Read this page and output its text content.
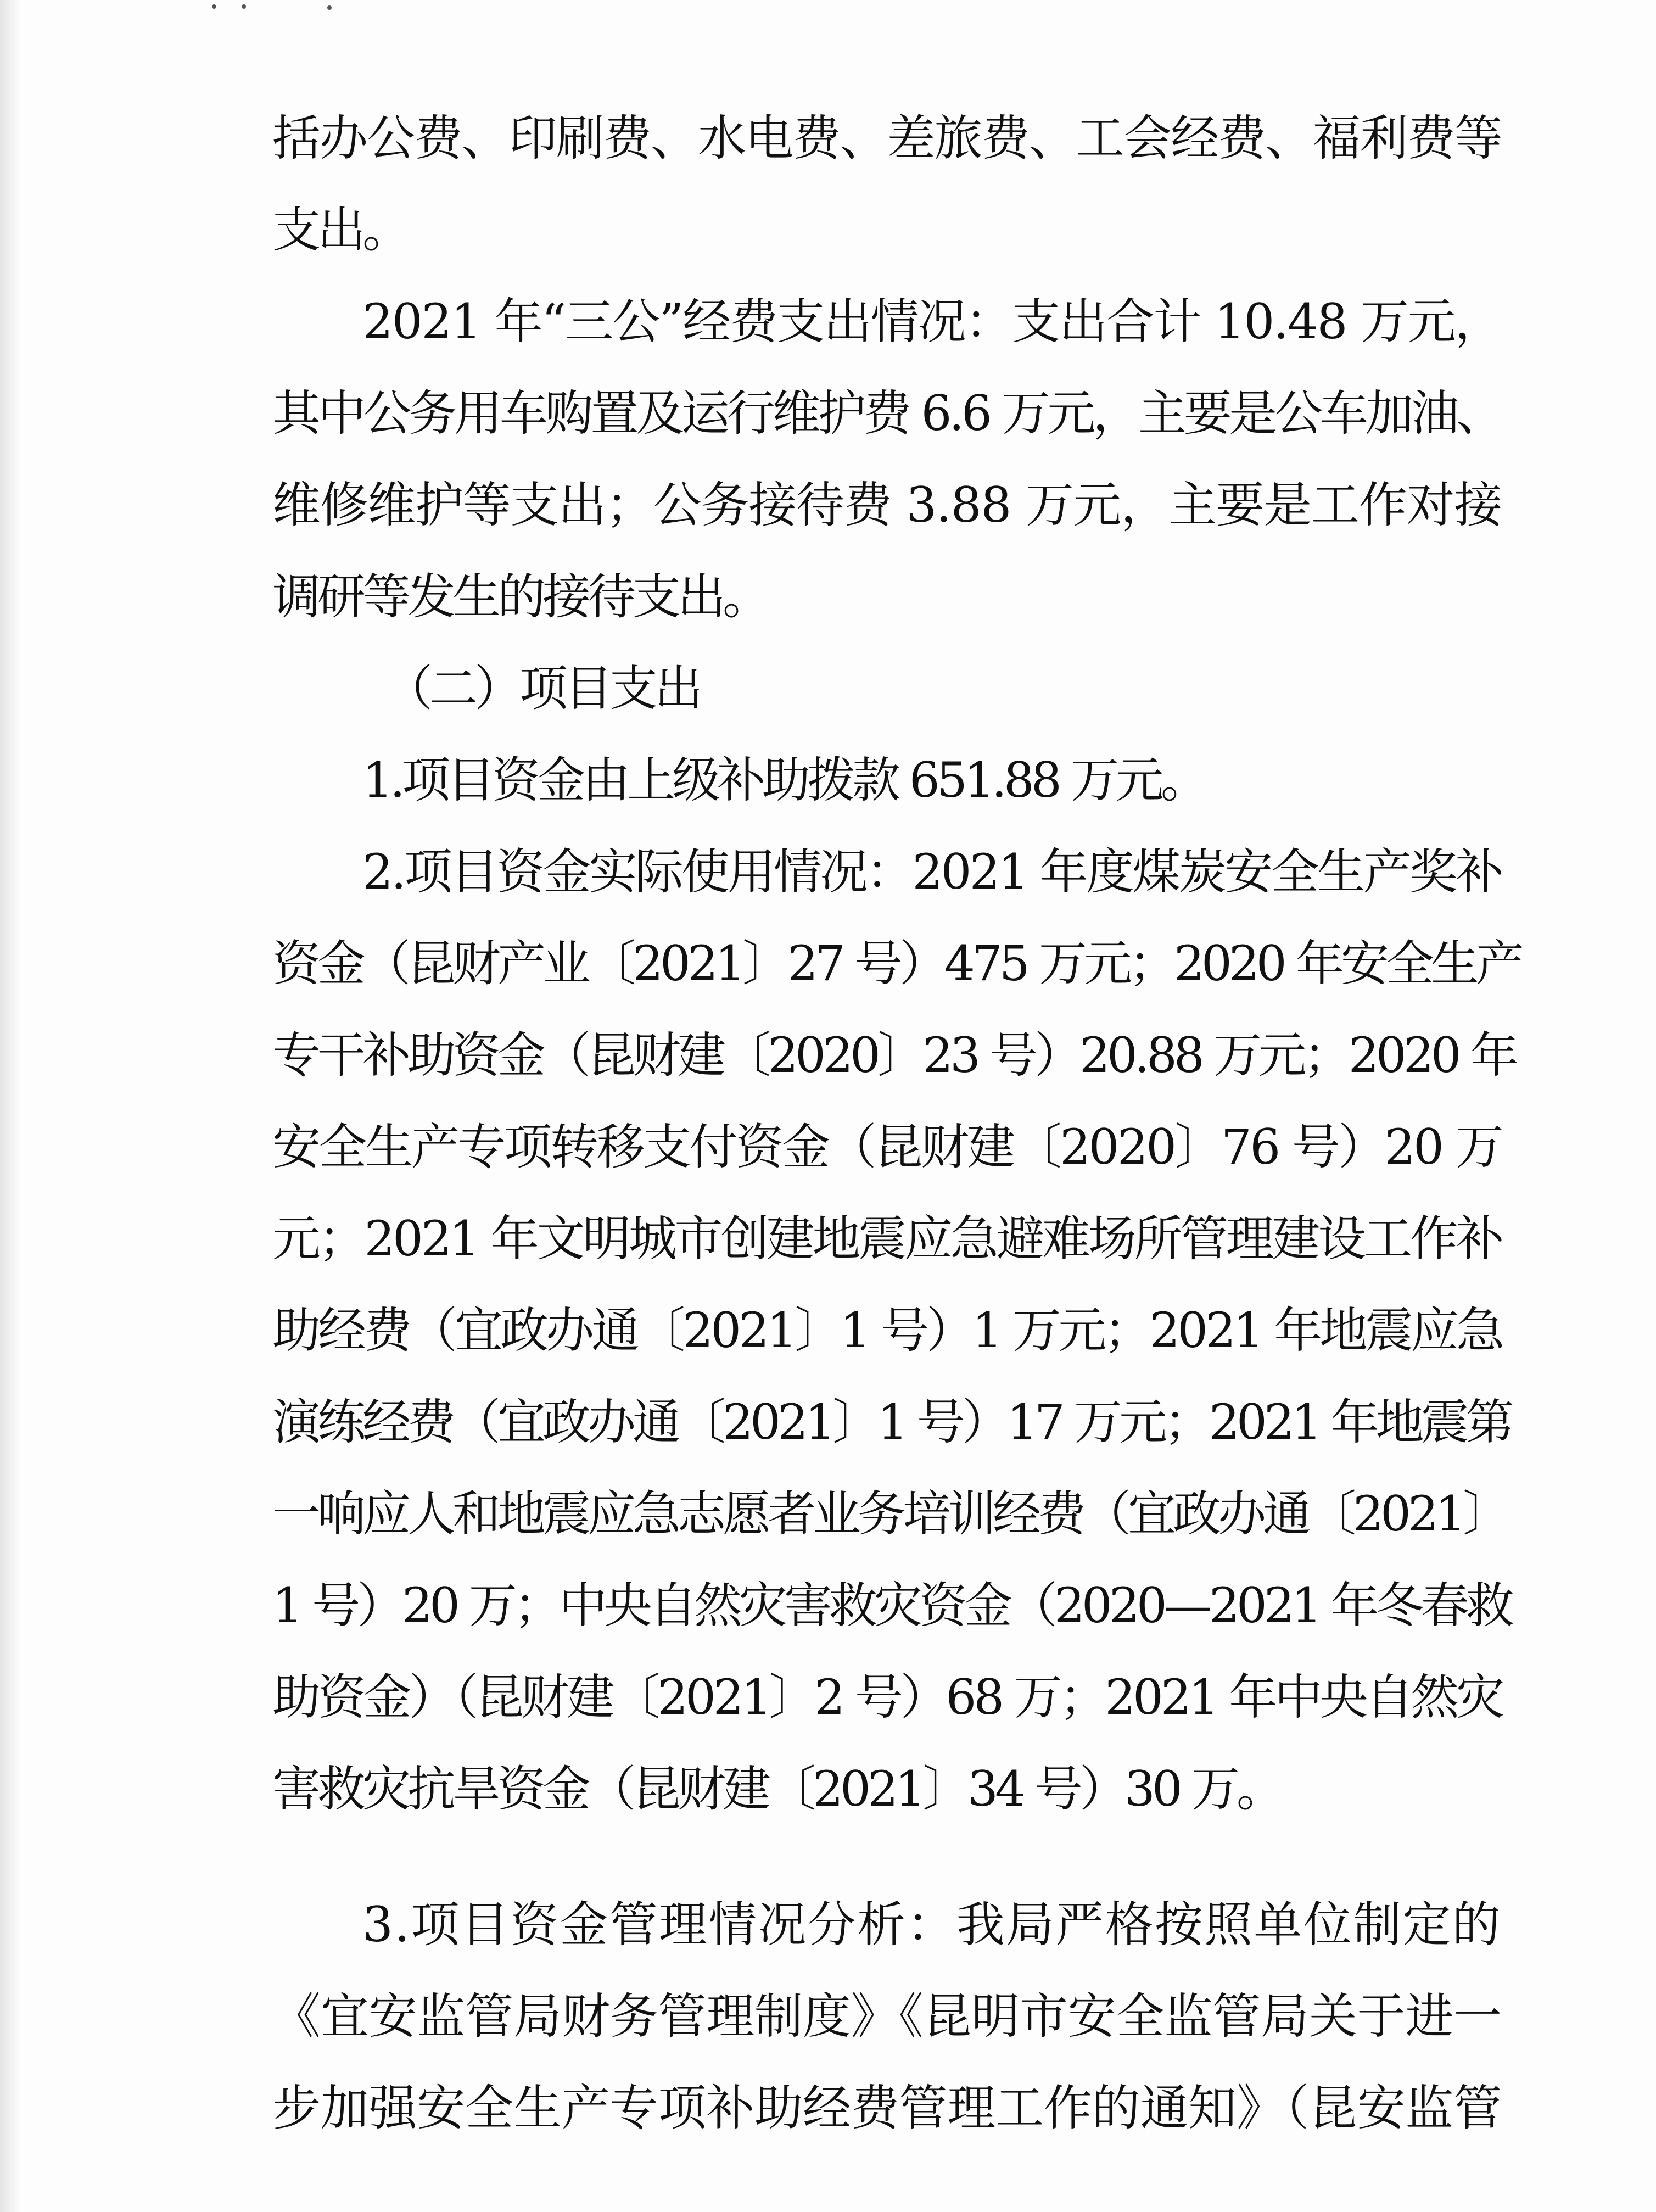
括办公费、印刷费、水电费、差旅费、工会经费、福利费等

支出。

2021 年“三公”经费支出情况：支出合计 10.48 万元，

其中公务用车购置及运行维护费 6.6 万元，主要是公车加油、

维修维护等支出；公务接待费 3.88 万元，主要是工作对接

调研等发生的接待支出。

（二）项目支出

1.项目资金由上级补助拨款 651.88 万元。

2.项目资金实际使用情况：2021 年度煤炭安全生产奖补

资金（昆财产业〔2021〕27 号）475 万元；2020 年安全生产

专干补助资金（昆财建〔2020〕23 号）20.88 万元；2020 年

安全生产专项转移支付资金（昆财建〔2020〕76 号）20 万

元；2021 年文明城市创建地震应急避难场所管理建设工作补

助经费（宜政办通〔2021〕1 号）1 万元；2021 年地震应急

演练经费（宜政办通〔2021〕1 号）17 万元；2021 年地震第

一响应人和地震应急志愿者业务培训经费（宜政办通〔2021〕

1 号）20 万；中央自然灾害救灾资金（2020—2021 年冬春救

助资金）（昆财建〔2021〕2 号）68 万；2021 年中央自然灾

害救灾抗旱资金（昆财建〔2021〕34 号）30 万。

3.项目资金管理情况分析：我局严格按照单位制定的

《宜安监管局财务管理制度》《昆明市安全监管局关于进一

步加强安全生产专项补助经费管理工作的通知》（昆安监管
